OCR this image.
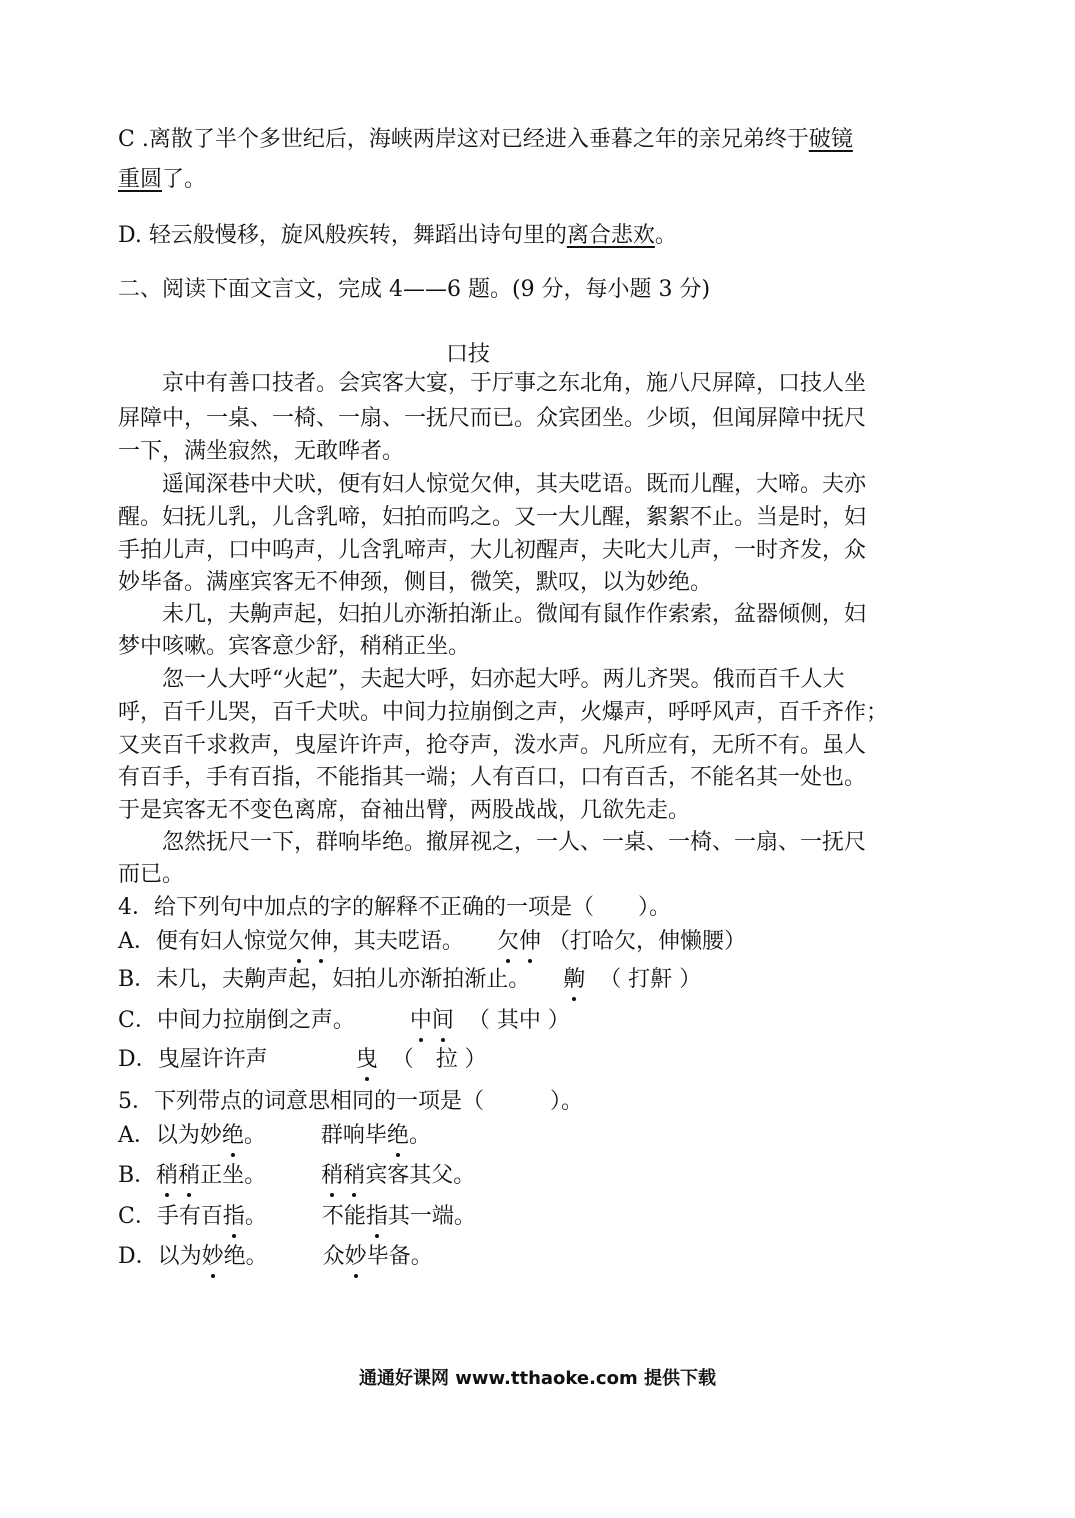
C .离散了半个多世纪后，海峡两岸这对已经进入垂暮之年的亲兄弟终于破镜
重圆了。
D. 轻云般慢移，旋风般疾转，舞蹈出诗句里的离合悲欢。
二、阅读下面文言文，完成 4——6 题。(9 分，每小题 3 分)
口技
　　京中有善口技者。会宾客大宴，于厅事之东北角，施八尺屏障，口技人坐
屏障中，一桌、一椅、一扇、一抚尺而已。众宾团坐。少顷，但闻屏障中抚尺
一下，满坐寂然，无敢哗者。
　　遥闻深巷中犬吠，便有妇人惊觉欠伸，其夫呓语。既而儿醒，大啼。夫亦
醒。妇抚儿乳，儿含乳啼，妇拍而呜之。又一大儿醒，絮絮不止。当是时，妇
手拍儿声，口中呜声，儿含乳啼声，大儿初醒声，夫叱大儿声，一时齐发，众
妙毕备。满座宾客无不伸颈，侧目，微笑，默叹，以为妙绝。
　　未几，夫齁声起，妇拍儿亦渐拍渐止。微闻有鼠作作索索，盆器倾侧，妇
梦中咳嗽。宾客意少舒，稍稍正坐。
　　忽一人大呼“火起”，夫起大呼，妇亦起大呼。两儿齐哭。俄而百千人大
呼，百千儿哭，百千犬吠。中间力拉崩倒之声，火爆声，呼呼风声，百千齐作；
又夹百千求救声，曳屋许许声，抢夺声，泼水声。凡所应有，无所不有。虽人
有百手，手有百指，不能指其一端；人有百口，口有百舌，不能名其一处也。
于是宾客无不变色离席，奋袖出臂，两股战战，几欲先走。
　　忽然抚尺一下，群响毕绝。撤屏视之，一人、一桌、一椅、一扇、一抚尺
而已。
4．给下列句中加点的字的解释不正确的一项是（　　）。
A．便有妇人惊觉欠伸，其夫呓语。　　欠伸 （打哈欠，伸懒腰）
B．未几，夫齁声起，妇拍儿亦渐拍渐止。　　齁 （ 打鼾 ）
C．中间力拉崩倒之声。　　　中间 （ 其中 ）
D．曳屋许许声　　　　曳 （　拉 ）
5．下列带点的词意思相同的一项是（　　　）。
A．以为妙绝。　　　群响毕绝。
B．稍稍正坐。　　　稍稍宾客其父。
C．手有百指。　　　不能指其一端。
D．以为妙绝。　　　众妙毕备。
通通好课网 www.tthaoke.com 提供下载
